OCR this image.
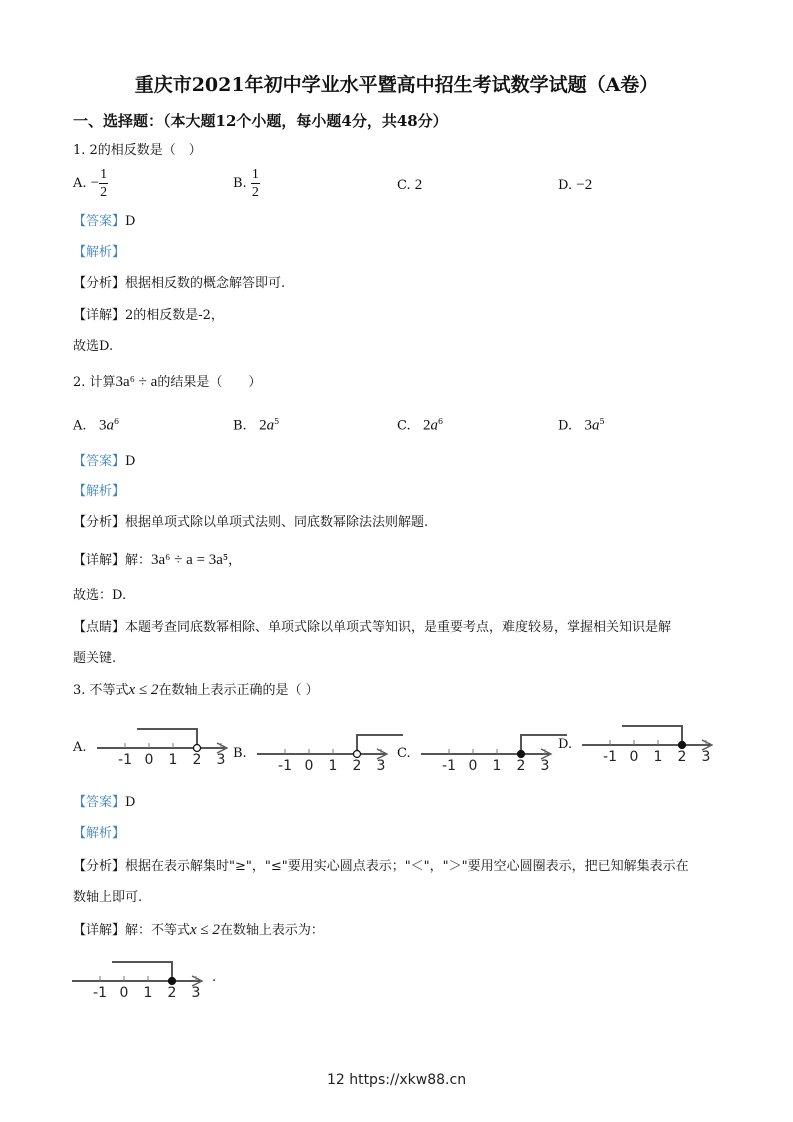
重庆市2021年初中学业水平暨高中招生考试数学试题（A卷）
一、选择题：（本大题12个小题，每小题4分，共48分）
1. 2的相反数是（　）
A. − $\frac{1}{2}$	B. $\frac{1}{2}$	C. 2	D. −2
【答案】D
【解析】
【分析】根据相反数的概念解答即可.
【详解】2的相反数是-2，
故选D.
2. 计算3a⁶ ÷ a的结果是（　　）
A. $3a^6$	B. $2a^5$	C. $2a^6$	D. $3a^5$
【答案】D
【解析】
【分析】根据单项式除以单项式法则、同底数幂除法法则解题.
【详解】解：3a⁶ ÷ a = 3a⁵，
故选：D.
【点睛】本题考查同底数幂相除、单项式除以单项式等知识，是重要考点，难度较易，掌握相关知识是解
题关键.
3. 不等式x ≤ 2在数轴上表示正确的是（ ）
A.
-1 0 1 2 3 B.
-1 0 1 2 3
C.
-1 0 1 2 3
D.
-1 0 1 2 3
【答案】D
【解析】
【分析】根据在表示解集时"≥"，"≤"要用实心圆点表示；"＜"，"＞"要用空心圆圈表示，把已知解集表示在
数轴上即可.
【详解】解：不等式x ≤ 2在数轴上表示为：
-1 0 1 2 3
.
12 https://xkw88.cn
